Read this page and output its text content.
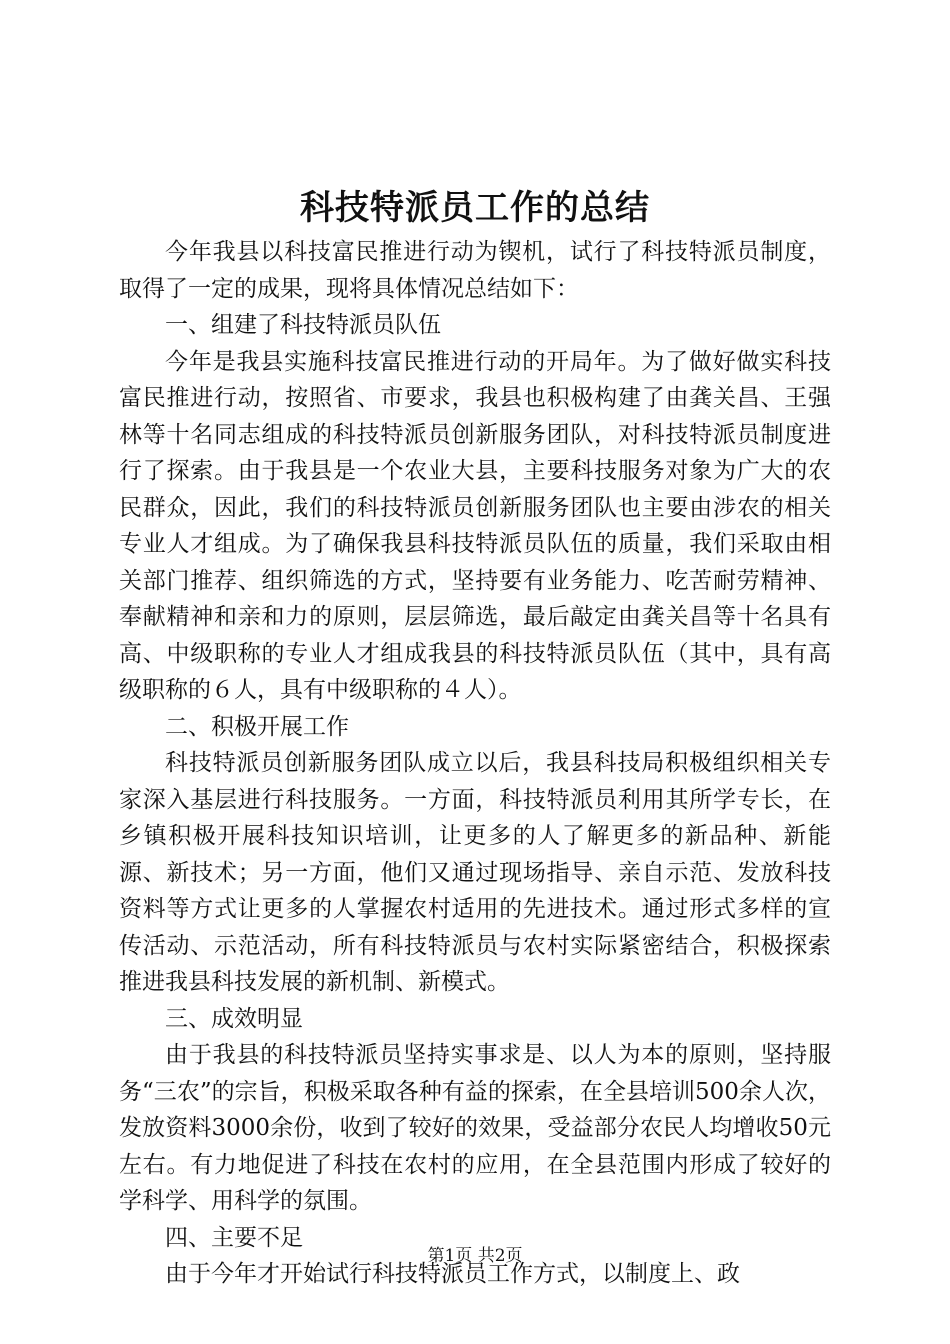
科技特派员工作的总结

今年我县以科技富民推进行动为锲机，试行了科技特派员制度，取得了一定的成果，现将具体情况总结如下：

一、组建了科技特派员队伍

今年是我县实施科技富民推进行动的开局年。为了做好做实科技富民推进行动，按照省、市要求，我县也积极构建了由龚关昌、王强林等十名同志组成的科技特派员创新服务团队，对科技特派员制度进行了探索。由于我县是一个农业大县，主要科技服务对象为广大的农民群众，因此，我们的科技特派员创新服务团队也主要由涉农的相关专业人才组成。为了确保我县科技特派员队伍的质量，我们采取由相关部门推荐、组织筛选的方式，坚持要有业务能力、吃苦耐劳精神、奉献精神和亲和力的原则，层层筛选，最后敲定由龚关昌等十名具有高、中级职称的专业人才组成我县的科技特派员队伍（其中，具有高级职称的６人，具有中级职称的４人）。

二、积极开展工作

科技特派员创新服务团队成立以后，我县科技局积极组织相关专家深入基层进行科技服务。一方面，科技特派员利用其所学专长，在乡镇积极开展科技知识培训，让更多的人了解更多的新品种、新能源、新技术；另一方面，他们又通过现场指导、亲自示范、发放科技资料等方式让更多的人掌握农村适用的先进技术。通过形式多样的宣传活动、示范活动，所有科技特派员与农村实际紧密结合，积极探索推进我县科技发展的新机制、新模式。

三、成效明显

由于我县的科技特派员坚持实事求是、以人为本的原则，坚持服务“三农”的宗旨，积极采取各种有益的探索，在全县培训500余人次，发放资料3000余份，收到了较好的效果，受益部分农民人均增收50元左右。有力地促进了科技在农村的应用，在全县范围内形成了较好的学科学、用科学的氛围。

四、主要不足

由于今年才开始试行科技特派员工作方式，以制度上、政

第1页 共2页
